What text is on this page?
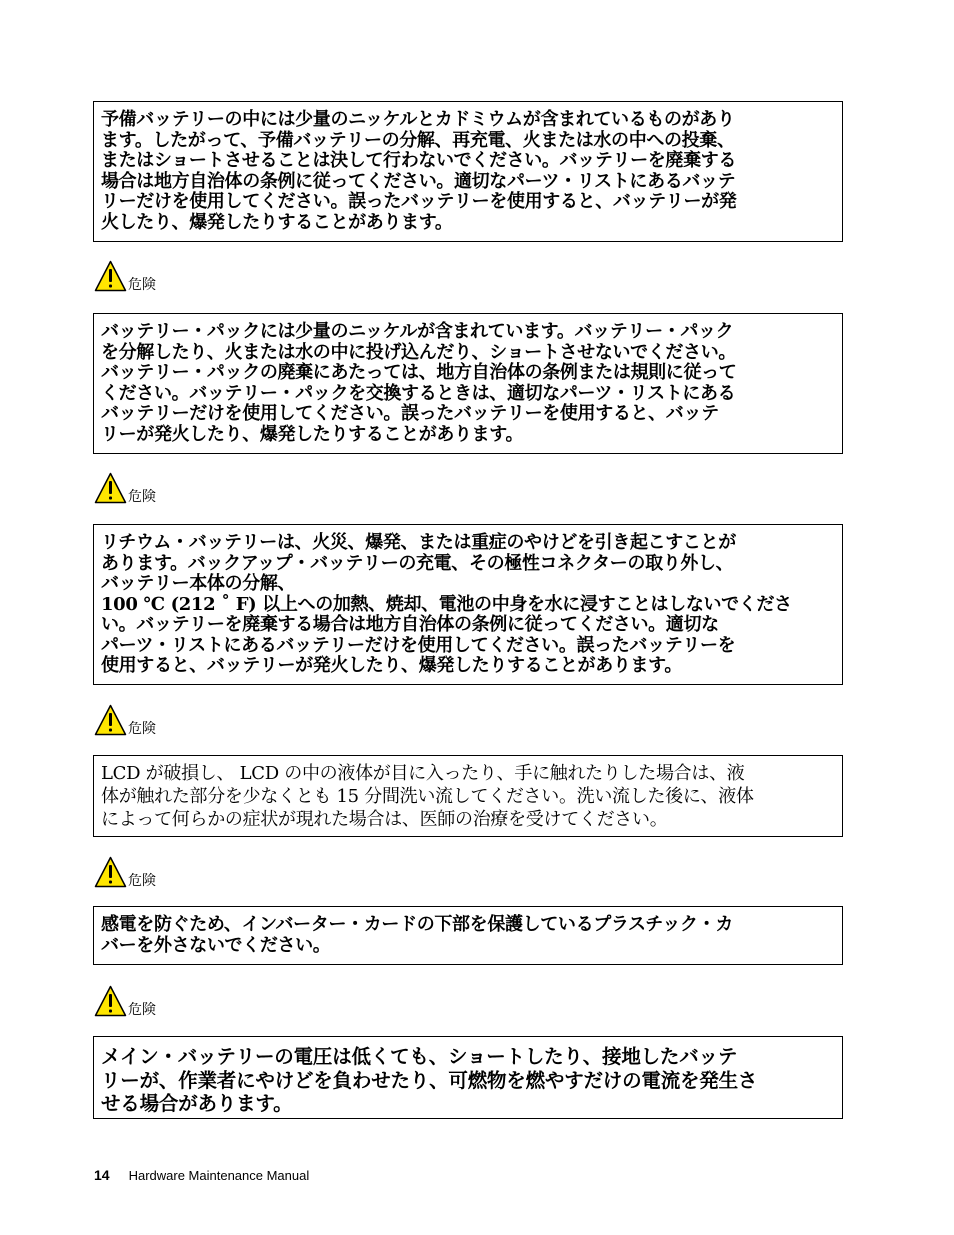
予備バッテリーの中には少量のニッケルとカドミウムが含まれているものがあり
ます。したがって、予備バッテリーの分解、再充電、火または水の中への投棄、
またはショートさせることは決して行わないでください。バッテリーを廃棄する
場合は地方自治体の条例に従ってください。適切なパーツ・リストにあるバッテ
リーだけを使用してください。誤ったバッテリーを使用すると、バッテリーが発
火したり、爆発したりすることがあります。

危険

バッテリー・パックには少量のニッケルが含まれています。バッテリー・パック
を分解したり、火または水の中に投げ込んだり、ショートさせないでください。
バッテリー・パックの廃棄にあたっては、地方自治体の条例または規則に従って
ください。バッテリー・パックを交換するときは、適切なパーツ・リストにある
バッテリーだけを使用してください。誤ったバッテリーを使用すると、バッテ
リーが発火したり、爆発したりすることがあります。

危険

リチウム・バッテリーは、火災、爆発、または重症のやけどを引き起こすことが
あります。バックアップ・バッテリーの充電、その極性コネクターの取り外し、
バッテリー本体の分解、
100 ℃ (212 ˚ F) 以上への加熱、焼却、電池の中身を水に浸すことはしないでくださ
い。バッテリーを廃棄する場合は地方自治体の条例に従ってください。適切な
パーツ・リストにあるバッテリーだけを使用してください。誤ったバッテリーを
使用すると、バッテリーが発火したり、爆発したりすることがあります。

危険

LCD が破損し、 LCD の中の液体が目に入ったり、手に触れたりした場合は、液
体が触れた部分を少なくとも 15 分間洗い流してください。洗い流した後に、液体
によって何らかの症状が現れた場合は、医師の治療を受けてください。

危険

感電を防ぐため、インバーター・カードの下部を保護しているプラスチック・カ
バーを外さないでください。

危険

メイン・バッテリーの電圧は低くても、ショートしたり、接地したバッテ
リーが、作業者にやけどを負わせたり、可燃物を燃やすだけの電流を発生さ
せる場合があります。

14 Hardware Maintenance Manual
